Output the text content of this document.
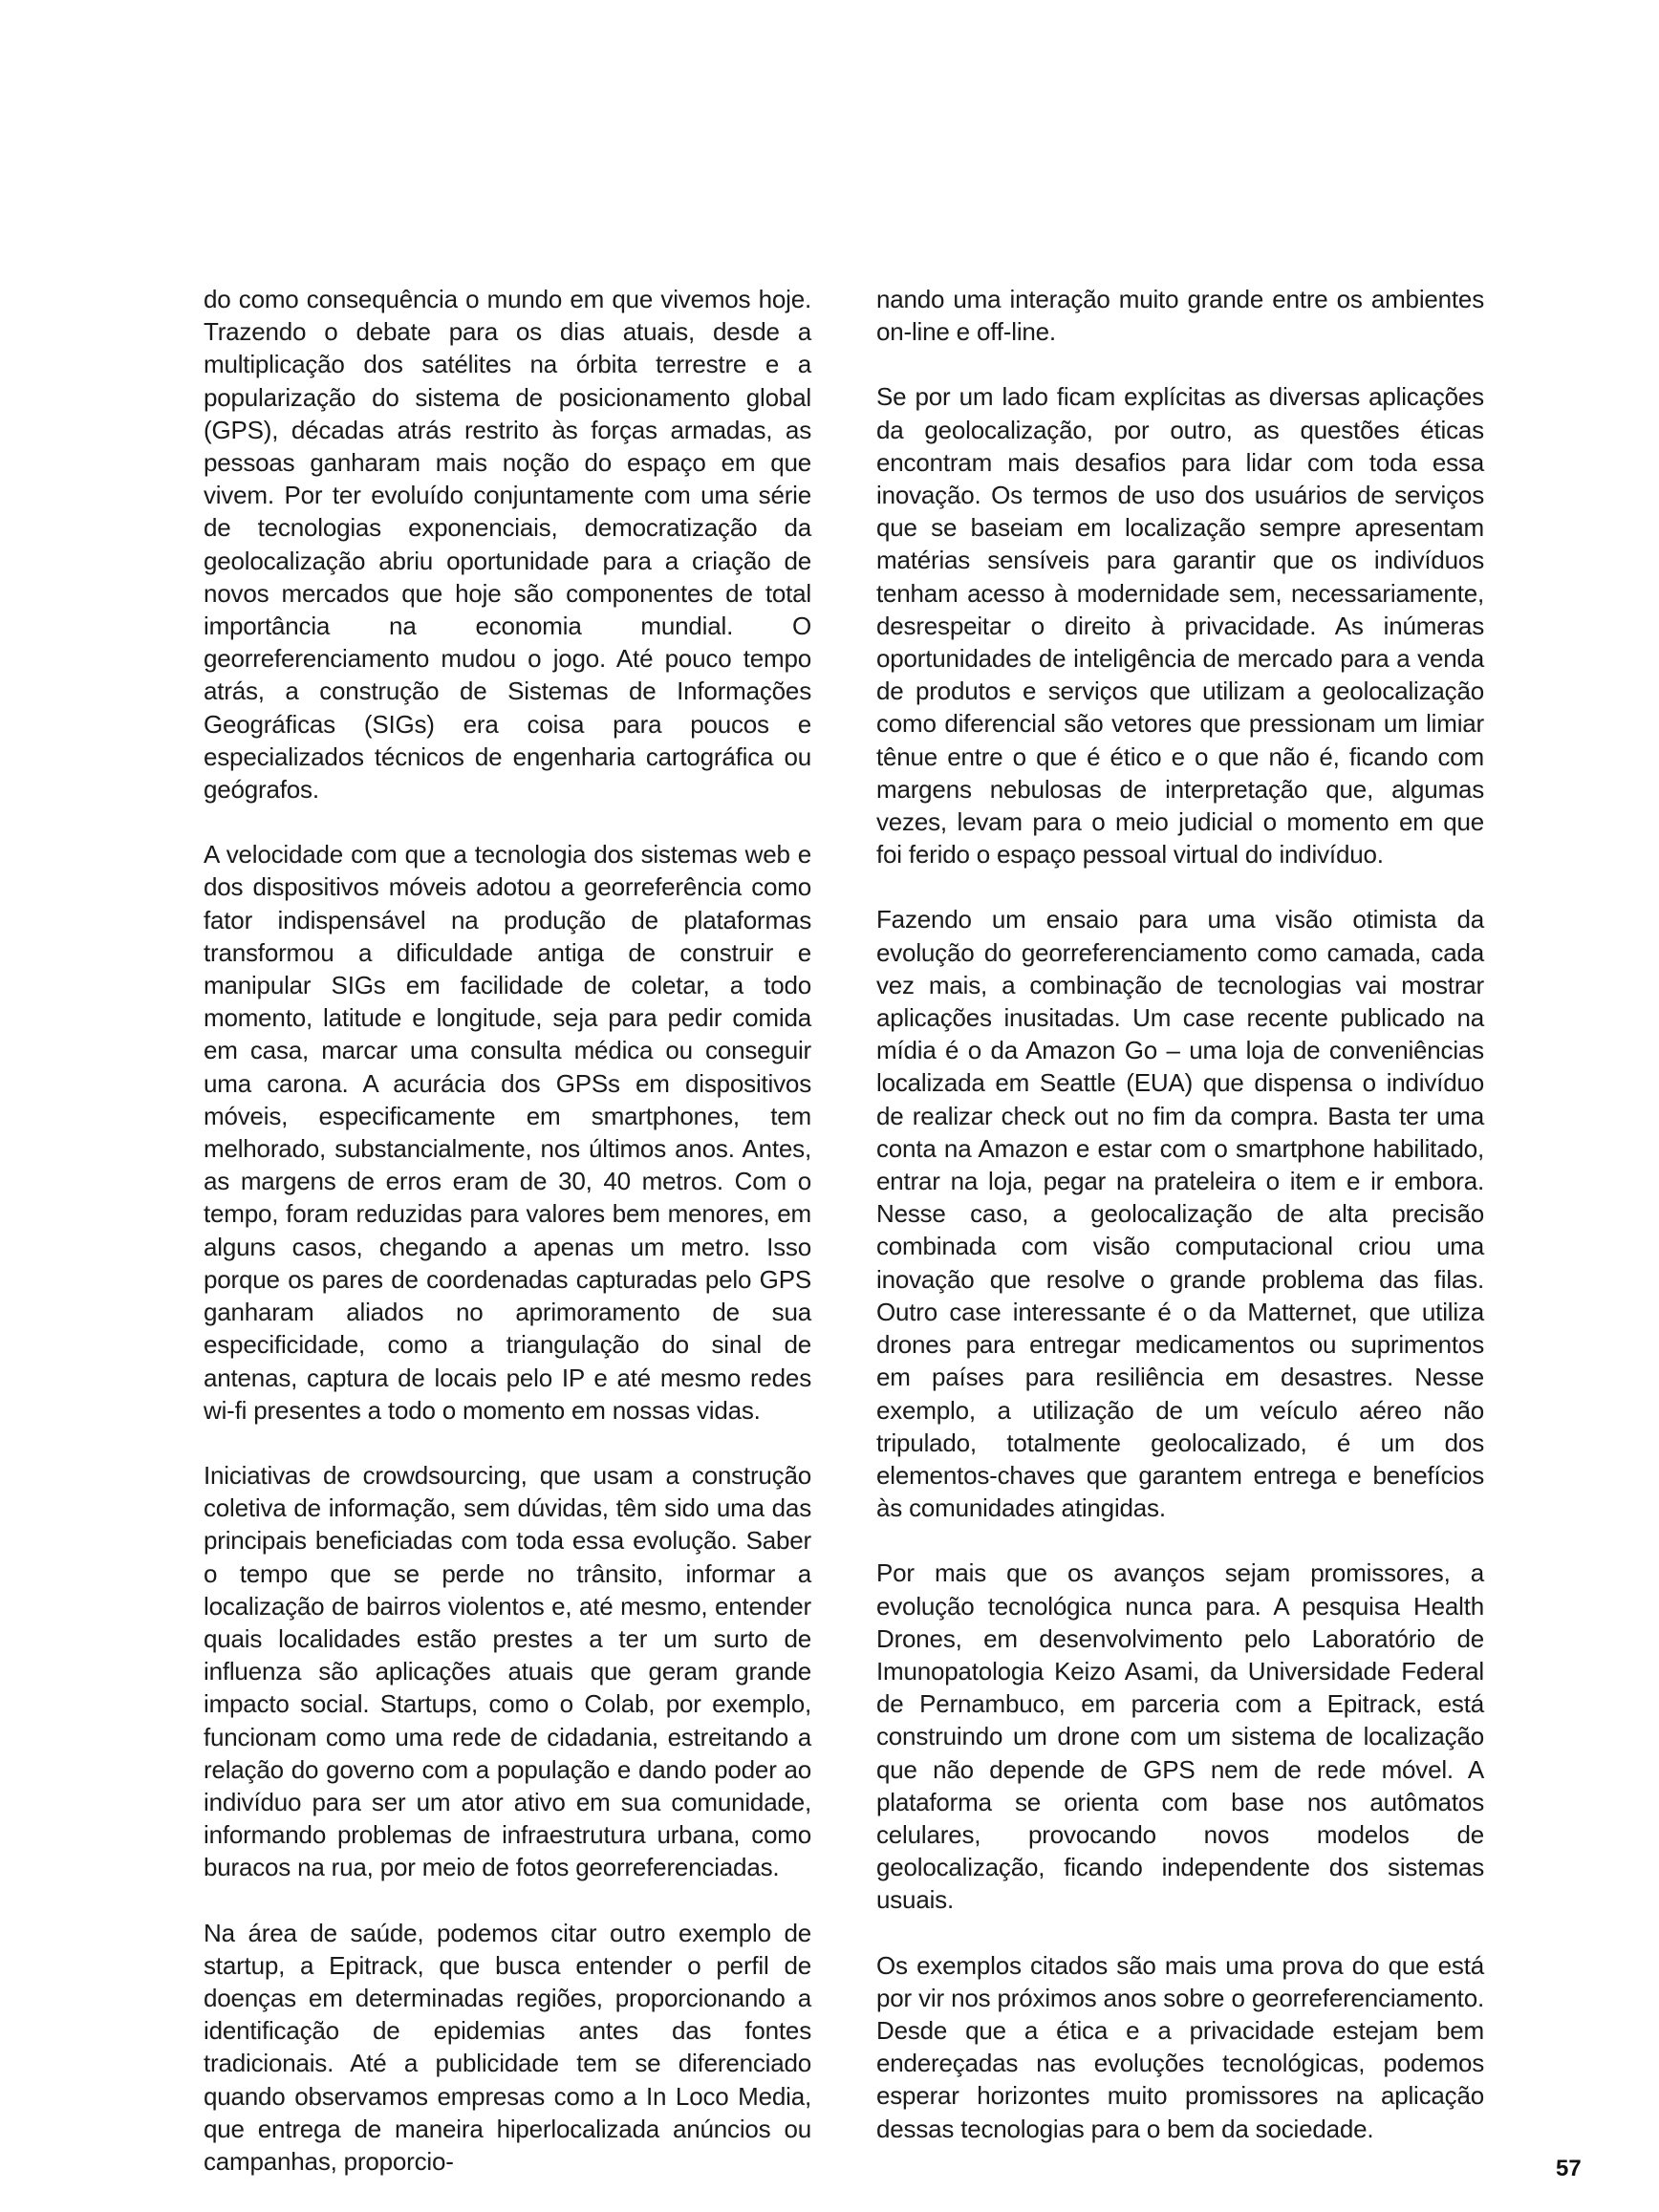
do como consequência o mundo em que vivemos hoje. Trazendo o debate para os dias atuais, desde a multiplicação dos satélites na órbita terrestre e a popularização do sistema de posicionamento global (GPS), décadas atrás restrito às forças armadas, as pessoas ganharam mais noção do espaço em que vivem. Por ter evoluído conjuntamente com uma série de tecnologias exponenciais, democratização da geolocalização abriu oportunidade para a criação de novos mercados que hoje são componentes de total importância na economia mundial. O georreferenciamento mudou o jogo. Até pouco tempo atrás, a construção de Sistemas de Informações Geográficas (SIGs) era coisa para poucos e especializados técnicos de engenharia cartográfica ou geógrafos.

A velocidade com que a tecnologia dos sistemas web e dos dispositivos móveis adotou a georreferência como fator indispensável na produção de plataformas transformou a dificuldade antiga de construir e manipular SIGs em facilidade de coletar, a todo momento, latitude e longitude, seja para pedir comida em casa, marcar uma consulta médica ou conseguir uma carona. A acurácia dos GPSs em dispositivos móveis, especificamente em smartphones, tem melhorado, substancialmente, nos últimos anos. Antes, as margens de erros eram de 30, 40 metros. Com o tempo, foram reduzidas para valores bem menores, em alguns casos, chegando a apenas um metro. Isso porque os pares de coordenadas capturadas pelo GPS ganharam aliados no aprimoramento de sua especificidade, como a triangulação do sinal de antenas, captura de locais pelo IP e até mesmo redes wi-fi presentes a todo o momento em nossas vidas.

Iniciativas de crowdsourcing, que usam a construção coletiva de informação, sem dúvidas, têm sido uma das principais beneficiadas com toda essa evolução. Saber o tempo que se perde no trânsito, informar a localização de bairros violentos e, até mesmo, entender quais localidades estão prestes a ter um surto de influenza são aplicações atuais que geram grande impacto social. Startups, como o Colab, por exemplo, funcionam como uma rede de cidadania, estreitando a relação do governo com a população e dando poder ao indivíduo para ser um ator ativo em sua comunidade, informando problemas de infraestrutura urbana, como buracos na rua, por meio de fotos georreferenciadas.

Na área de saúde, podemos citar outro exemplo de startup, a Epitrack, que busca entender o perfil de doenças em determinadas regiões, proporcionando a identificação de epidemias antes das fontes tradicionais. Até a publicidade tem se diferenciado quando observamos empresas como a In Loco Media, que entrega de maneira hiperlocalizada anúncios ou campanhas, proporcio-

nando uma interação muito grande entre os ambientes on-line e off-line.

Se por um lado ficam explícitas as diversas aplicações da geolocalização, por outro, as questões éticas encontram mais desafios para lidar com toda essa inovação. Os termos de uso dos usuários de serviços que se baseiam em localização sempre apresentam matérias sensíveis para garantir que os indivíduos tenham acesso à modernidade sem, necessariamente, desrespeitar o direito à privacidade. As inúmeras oportunidades de inteligência de mercado para a venda de produtos e serviços que utilizam a geolocalização como diferencial são vetores que pressionam um limiar tênue entre o que é ético e o que não é, ficando com margens nebulosas de interpretação que, algumas vezes, levam para o meio judicial o momento em que foi ferido o espaço pessoal virtual do indivíduo.

Fazendo um ensaio para uma visão otimista da evolução do georreferenciamento como camada, cada vez mais, a combinação de tecnologias vai mostrar aplicações inusitadas. Um case recente publicado na mídia é o da Amazon Go – uma loja de conveniências localizada em Seattle (EUA) que dispensa o indivíduo de realizar check out no fim da compra. Basta ter uma conta na Amazon e estar com o smartphone habilitado, entrar na loja, pegar na prateleira o item e ir embora. Nesse caso, a geolocalização de alta precisão combinada com visão computacional criou uma inovação que resolve o grande problema das filas. Outro case interessante é o da Matternet, que utiliza drones para entregar medicamentos ou suprimentos em países para resiliência em desastres. Nesse exemplo, a utilização de um veículo aéreo não tripulado, totalmente geolocalizado, é um dos elementos-chaves que garantem entrega e benefícios às comunidades atingidas.

Por mais que os avanços sejam promissores, a evolução tecnológica nunca para. A pesquisa Health Drones, em desenvolvimento pelo Laboratório de Imunopatologia Keizo Asami, da Universidade Federal de Pernambuco, em parceria com a Epitrack, está construindo um drone com um sistema de localização que não depende de GPS nem de rede móvel. A plataforma se orienta com base nos autômatos celulares, provocando novos modelos de geolocalização, ficando independente dos sistemas usuais.

Os exemplos citados são mais uma prova do que está por vir nos próximos anos sobre o georreferenciamento. Desde que a ética e a privacidade estejam bem endereçadas nas evoluções tecnológicas, podemos esperar horizontes muito promissores na aplicação dessas tecnologias para o bem da sociedade.

57
